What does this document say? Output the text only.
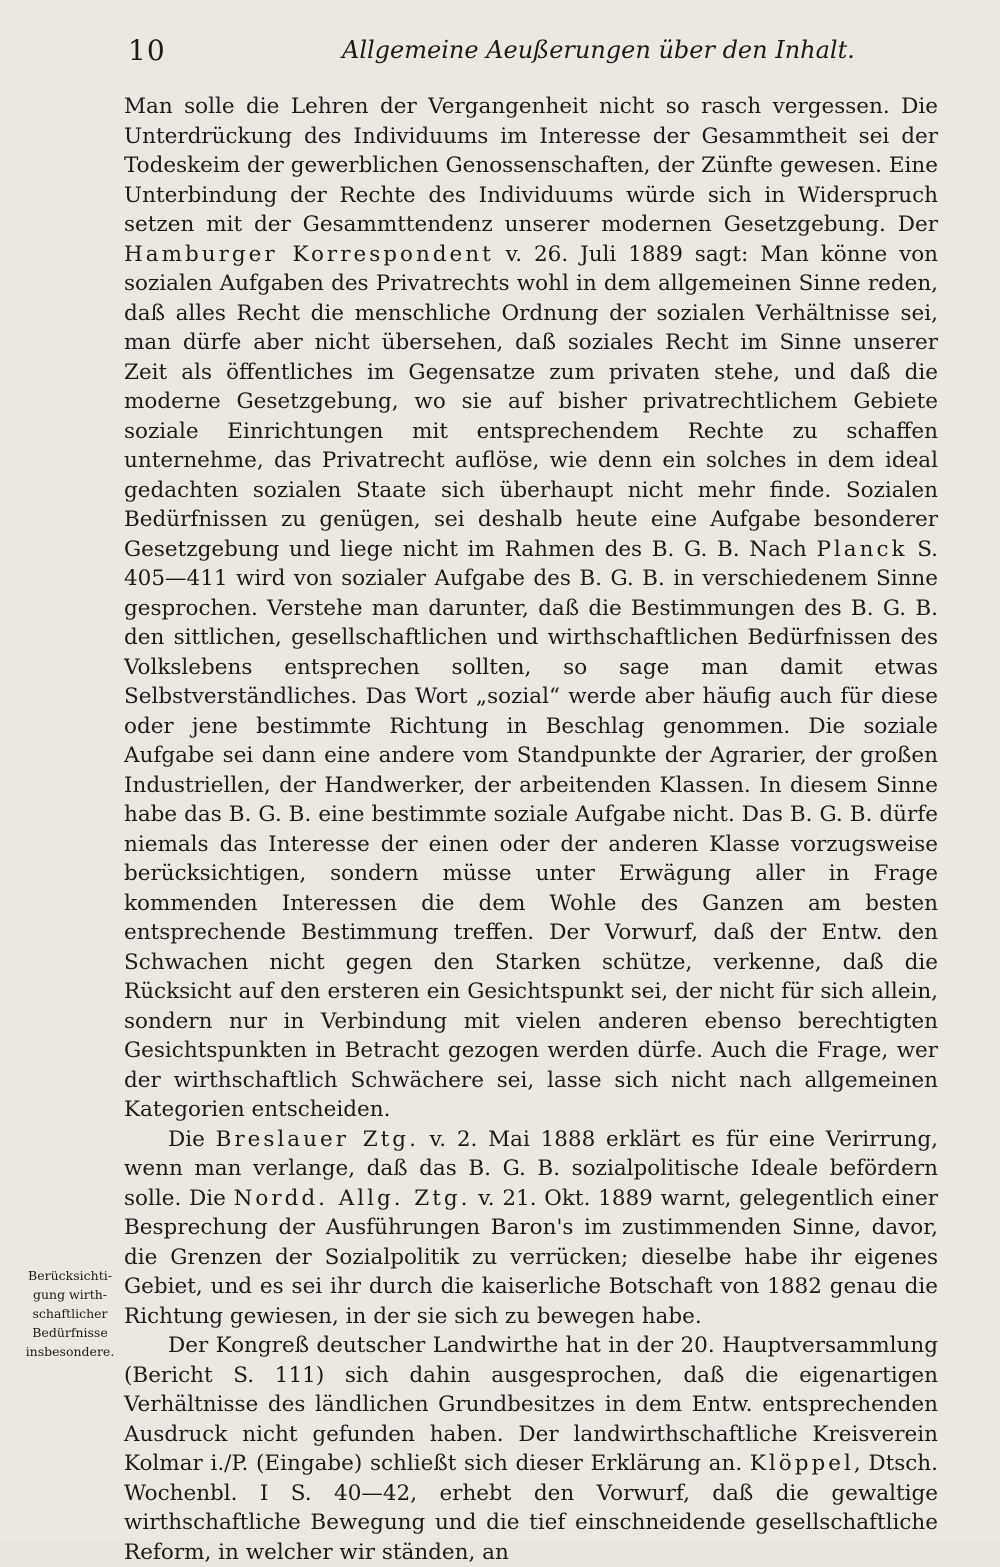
10	Allgemeine Aeußerungen über den Inhalt.

Man solle die Lehren der Vergangenheit nicht so rasch vergessen. Die Unterdrückung des Individuums im Interesse der Gesammtheit sei der Todeskeim der gewerblichen Genossenschaften, der Zünfte gewesen. Eine Unterbindung der Rechte des Individuums würde sich in Widerspruch setzen mit der Gesammttendenz unserer modernen Gesetzgebung. Der Hamburger Korrespondent v. 26. Juli 1889 sagt: Man könne von sozialen Aufgaben des Privatrechts wohl in dem allgemeinen Sinne reden, daß alles Recht die menschliche Ordnung der sozialen Verhältnisse sei, man dürfe aber nicht übersehen, daß soziales Recht im Sinne unserer Zeit als öffentliches im Gegensatze zum privaten stehe, und daß die moderne Gesetzgebung, wo sie auf bisher privatrechtlichem Gebiete soziale Einrichtungen mit entsprechendem Rechte zu schaffen unternehme, das Privatrecht auflöse, wie denn ein solches in dem ideal gedachten sozialen Staate sich überhaupt nicht mehr finde. Sozialen Bedürfnissen zu genügen, sei deshalb heute eine Aufgabe besonderer Gesetzgebung und liege nicht im Rahmen des B. G. B. Nach Planck S. 405—411 wird von sozialer Aufgabe des B. G. B. in verschiedenem Sinne gesprochen. Verstehe man darunter, daß die Bestimmungen des B. G. B. den sittlichen, gesellschaftlichen und wirthschaftlichen Bedürfnissen des Volkslebens entsprechen sollten, so sage man damit etwas Selbstverständliches. Das Wort „sozial“ werde aber häufig auch für diese oder jene bestimmte Richtung in Beschlag genommen. Die soziale Aufgabe sei dann eine andere vom Standpunkte der Agrarier, der großen Industriellen, der Handwerker, der arbeitenden Klassen. In diesem Sinne habe das B. G. B. eine bestimmte soziale Aufgabe nicht. Das B. G. B. dürfe niemals das Interesse der einen oder der anderen Klasse vorzugsweise berücksichtigen, sondern müsse unter Erwägung aller in Frage kommenden Interessen die dem Wohle des Ganzen am besten entsprechende Bestimmung treffen. Der Vorwurf, daß der Entw. den Schwachen nicht gegen den Starken schütze, verkenne, daß die Rücksicht auf den ersteren ein Gesichtspunkt sei, der nicht für sich allein, sondern nur in Verbindung mit vielen anderen ebenso berechtigten Gesichtspunkten in Betracht gezogen werden dürfe. Auch die Frage, wer der wirthschaftlich Schwächere sei, lasse sich nicht nach allgemeinen Kategorien entscheiden.

Die Breslauer Ztg. v. 2. Mai 1888 erklärt es für eine Verirrung, wenn man verlange, daß das B. G. B. sozialpolitische Ideale befördern solle. Die Nordd. Allg. Ztg. v. 21. Okt. 1889 warnt, gelegentlich einer Besprechung der Ausführungen Baron's im zustimmenden Sinne, davor, die Grenzen der Sozialpolitik zu verrücken; dieselbe habe ihr eigenes Gebiet, und es sei ihr durch die kaiserliche Botschaft von 1882 genau die Richtung gewiesen, in der sie sich zu bewegen habe.

Der Kongreß deutscher Landwirthe hat in der 20. Hauptversammlung (Bericht S. 111) sich dahin ausgesprochen, daß die eigenartigen Verhältnisse des ländlichen Grundbesitzes in dem Entw. entsprechenden Ausdruck nicht gefunden haben. Der landwirthschaftliche Kreisverein Kolmar i./P. (Eingabe) schließt sich dieser Erklärung an. Klöppel, Dtsch. Wochenbl. I S. 40—42, erhebt den Vorwurf, daß die gewaltige wirthschaftliche Bewegung und die tief einschneidende gesellschaftliche Reform, in welcher wir ständen, an

Berücksichti-
gung wirth-
schaftlicher
Bedürfnisse
insbesondere.
